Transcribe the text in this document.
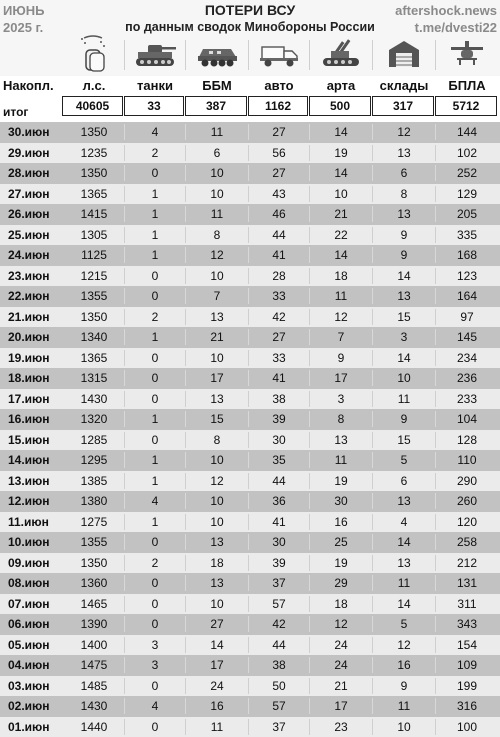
ИЮНЬ
2025 г.
ПОТЕРИ ВСУ
по данным сводок Минобороны России
aftershock.news
t.me/dvesti22
Накопл.	л.с.	танки	ББМ	авто	арта	склады	БПЛА
итог	40605	33	387	1162	500	317	5712
30.июн	1350	4	11	27	14	12	144
29.июн	1235	2	6	56	19	13	102
28.июн	1350	0	10	27	14	6	252
27.июн	1365	1	10	43	10	8	129
26.июн	1415	1	11	46	21	13	205
25.июн	1305	1	8	44	22	9	335
24.июн	1125	1	12	41	14	9	168
23.июн	1215	0	10	28	18	14	123
22.июн	1355	0	7	33	11	13	164
21.июн	1350	2	13	42	12	15	97
20.июн	1340	1	21	27	7	3	145
19.июн	1365	0	10	33	9	14	234
18.июн	1315	0	17	41	17	10	236
17.июн	1430	0	13	38	3	11	233
16.июн	1320	1	15	39	8	9	104
15.июн	1285	0	8	30	13	15	128
14.июн	1295	1	10	35	11	5	110
13.июн	1385	1	12	44	19	6	290
12.июн	1380	4	10	36	30	13	260
11.июн	1275	1	10	41	16	4	120
10.июн	1355	0	13	30	25	14	258
09.июн	1350	2	18	39	19	13	212
08.июн	1360	0	13	37	29	11	131
07.июн	1465	0	10	57	18	14	311
06.июн	1390	0	27	42	12	5	343
05.июн	1400	3	14	44	24	12	154
04.июн	1475	3	17	38	24	16	109
03.июн	1485	0	24	50	21	9	199
02.июн	1430	4	16	57	17	11	316
01.июн	1440	0	11	37	23	10	100
